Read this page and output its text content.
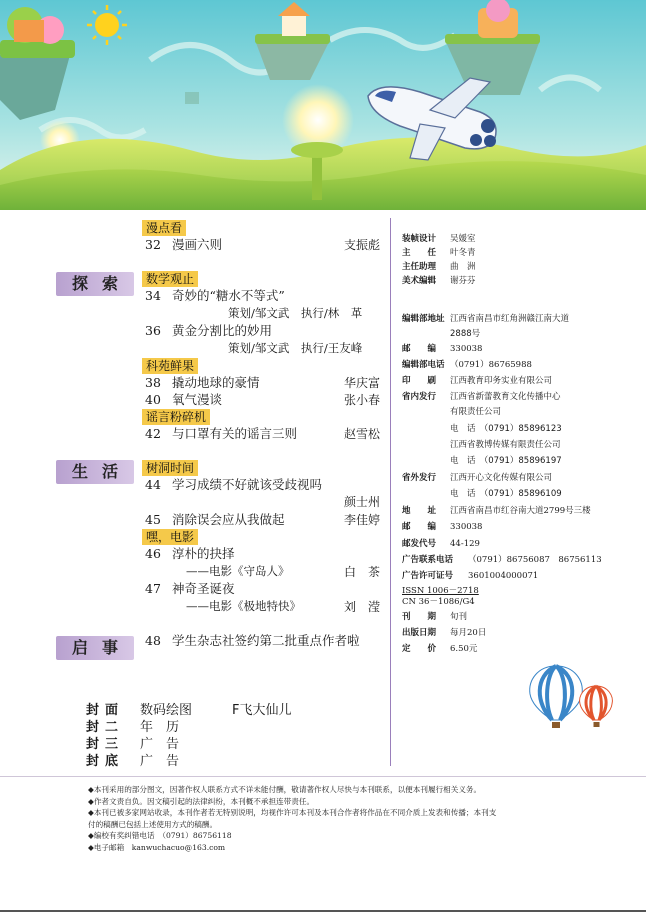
探索
生活
启事
漫点看
数学观止
科苑鲜果
谣言粉碎机
树洞时间
嘿，电影
32 漫画六则	支振彪
34 奇妙的“糖水不等式”
策划/邹文武　执行/林　革
36 黄金分割比的妙用
策划/邹文武　执行/王友峰
38 撬动地球的豪情	华庆富
40 氧气漫谈	张小春
42 与口罩有关的谣言三则	赵雪松
44 学习成绩不好就该受歧视吗
颜士州
45 消除误会应从我做起	李佳婷
46 淳朴的抉择
——电影《守岛人》	白　茶
47 神奇圣诞夜
——电影《极地特快》	刘　滢
48 学生杂志社签约第二批重点作者啦
封面 数码绘图	F飞大仙儿
封二 年　历
封三 广　告
封底 广　告
装帧设计 吴媛室
主　　任 叶冬青
主任助理 曲　洲
美术编辑 谢芬芬
编辑部地址 江西省南昌市红角洲赣江南大道
2888号
邮　　编 330038
编辑部电话 （0791）86765988
印　　刷 江西教育印务实业有限公司
省内发行 江西省新蕾教育文化传播中心
有限责任公司
电　话　（0791）85896123
江西省教博传媒有限责任公司
电　话　（0791）85896197
省外发行 江西开心文化传媒有限公司
电　话　（0791）85896109
地　　址 江西省南昌市红谷南大道2799号三楼
邮　　编 330038
邮发代号 44-129
广告联系电话 （0791）86756087　86756113
广告许可证号 3601004000071
ISSN 1006－2718
CN 36－1086/G4
刊　　期 旬刊
出版日期 每月20日
定　　价 6.50元
◆本刊采用的部分图文，因著作权人联系方式不详未能付酬，敬请著作权人尽快与本刊联系，以便本刊履行相关义务。
◆作者文责自负。因文稿引起的法律纠纷，本刊概不承担连带责任。
◆本刊已被多家网站收录，本刊作者若无特别说明，均视作许可本刊及本刊合作者将作品在不同介质上发表和传播；本刊支
付的稿酬已包括上述使用方式的稿酬。
◆编校有奖纠错电话　（0791）86756118
◆电子邮箱　kanwuchacuo@163.com
